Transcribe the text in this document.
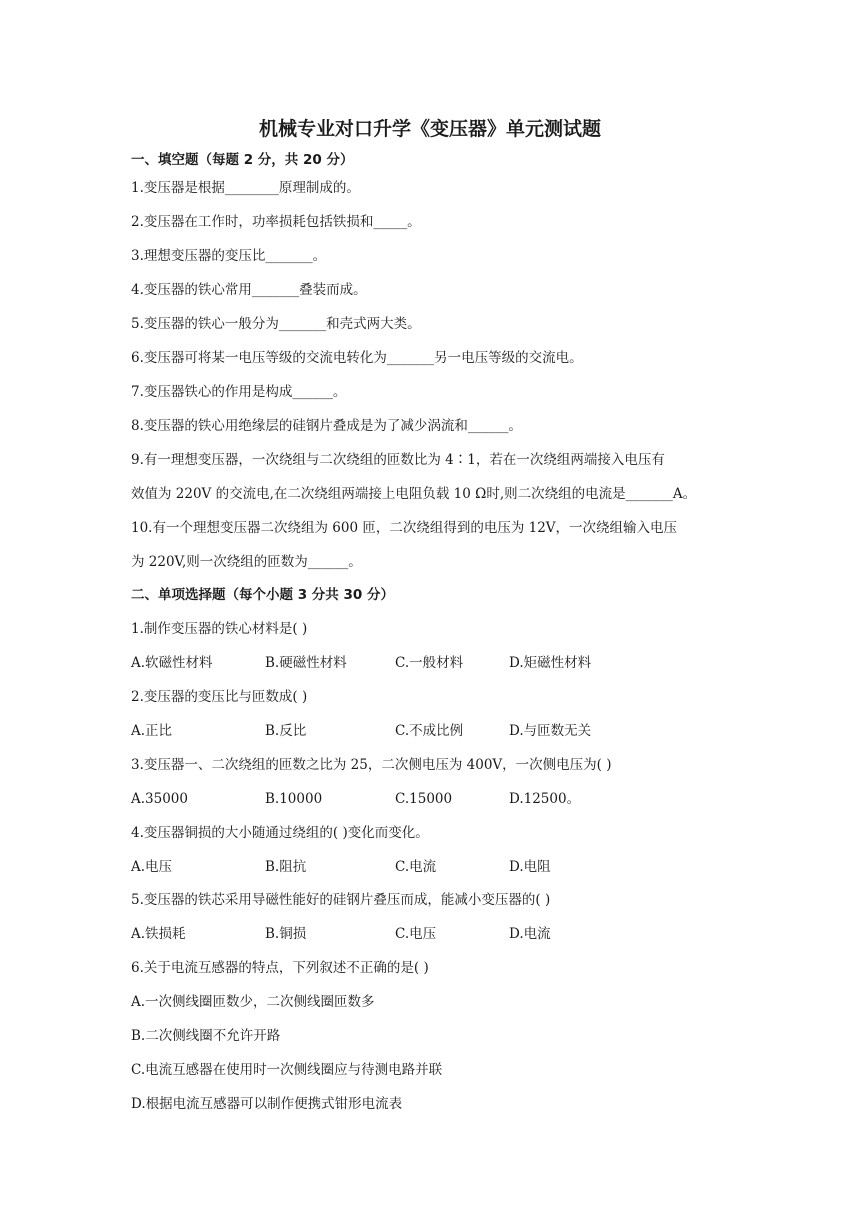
机械专业对口升学《变压器》单元测试题
一、填空题（每题 2 分，共 20 分）
1.变压器是根据________原理制成的。
2.变压器在工作时，功率损耗包括铁损和_____。
3.理想变压器的变压比_______。
4.变压器的铁心常用_______叠装而成。
5.变压器的铁心一般分为_______和壳式两大类。
6.变压器可将某一电压等级的交流电转化为_______另一电压等级的交流电。
7.变压器铁心的作用是构成______。
8.变压器的铁心用绝缘层的硅钢片叠成是为了减少涡流和______。
9.有一理想变压器，一次绕组与二次绕组的匝数比为 4∶1，若在一次绕组两端接入电压有
效值为 220V 的交流电,在二次绕组两端接上电阻负载 10 Ω时,则二次绕组的电流是_______A。
10.有一个理想变压器二次绕组为 600 匝，二次绕组得到的电压为 12V，一次绕组输入电压
为 220V,则一次绕组的匝数为______。
二、单项选择题（每个小题 3 分共 30 分）
1.制作变压器的铁心材料是( )
A.软磁性材料	B.硬磁性材料	C.一般材料	D.矩磁性材料
2.变压器的变压比与匝数成( )
A.正比	B.反比	C.不成比例	D.与匝数无关
3.变压器一、二次绕组的匝数之比为 25，二次侧电压为 400V，一次侧电压为( )
A.35000	B.10000	C.15000	D.12500。
4.变压器铜损的大小随通过绕组的( )变化而变化。
A.电压	B.阻抗	C.电流	D.电阻
5.变压器的铁芯采用导磁性能好的硅钢片叠压而成，能减小变压器的( )
A.铁损耗	B.铜损	C.电压	D.电流
6.关于电流互感器的特点，下列叙述不正确的是( )
A.一次侧线圈匝数少，二次侧线圈匝数多
B.二次侧线圈不允许开路
C.电流互感器在使用时一次侧线圈应与待测电路并联
D.根据电流互感器可以制作便携式钳形电流表
